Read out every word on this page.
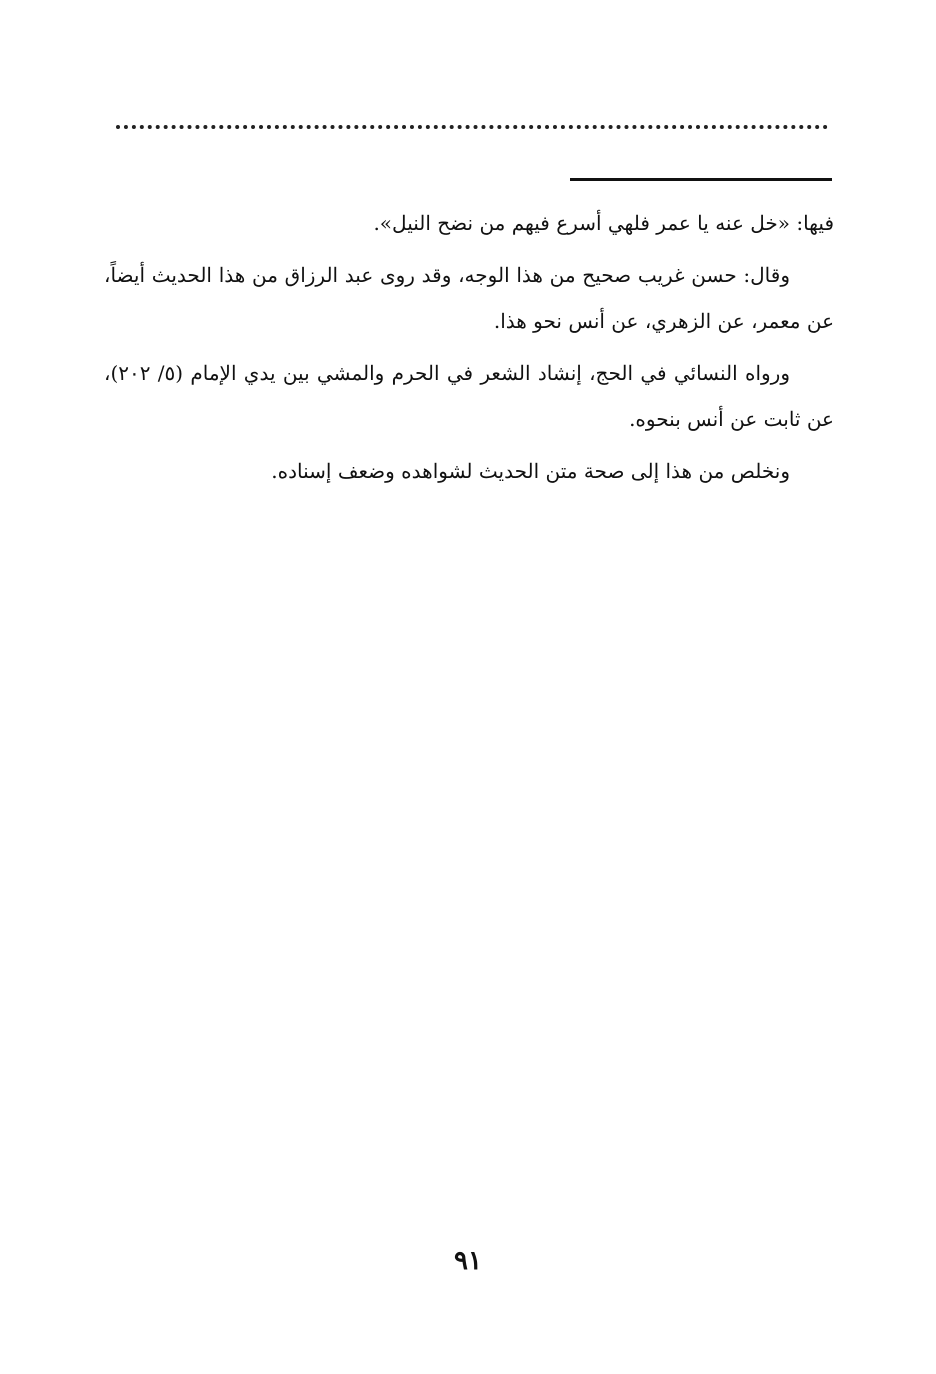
فيها: «خل عنه يا عمر فلهي أسرع فيهم من نضح النيل».

وقال: حسن غريب صحيح من هذا الوجه، وقد روى عبد الرزاق من هذا الحديث أيضاً، عن معمر، عن الزهري، عن أنس نحو هذا.

ورواه النسائي في الحج، إنشاد الشعر في الحرم والمشي بين يدي الإمام (٥/ ٢٠٢)، عن ثابت عن أنس بنحوه.

ونخلص من هذا إلى صحة متن الحديث لشواهده وضعف إسناده.

٩١
